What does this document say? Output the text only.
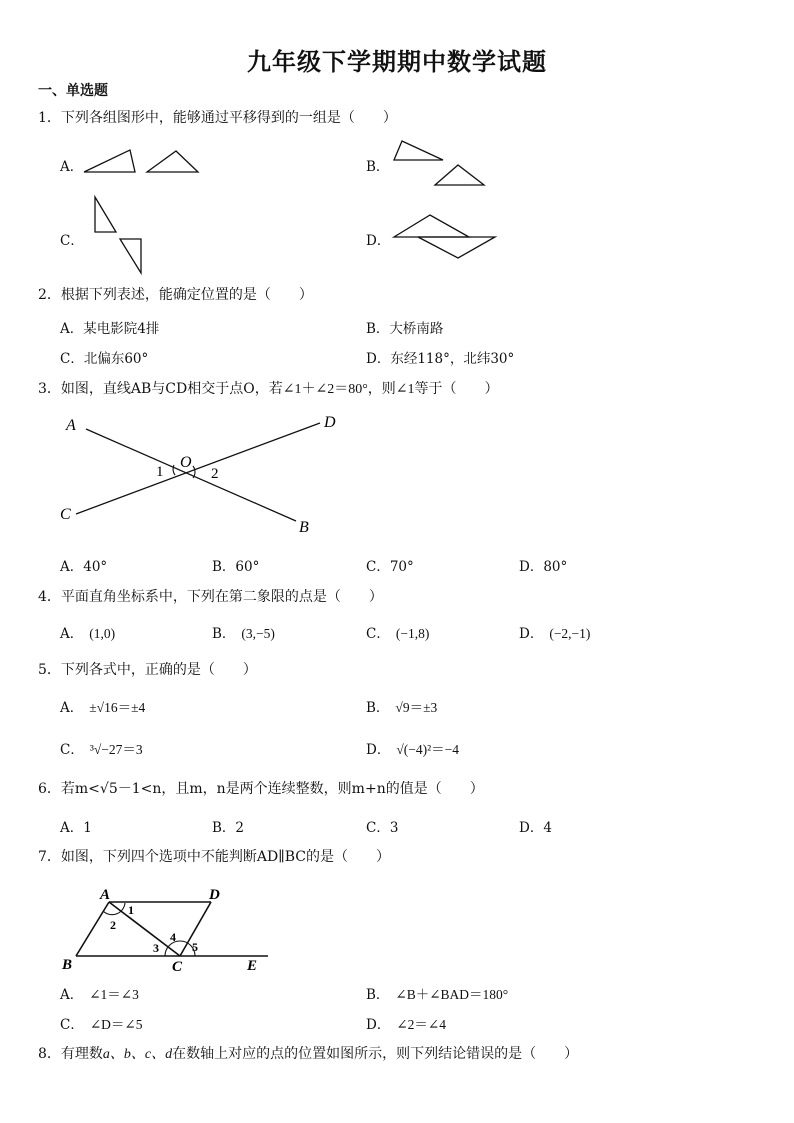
九年级下学期期中数学试题
一、单选题
1．下列各组图形中，能够通过平移得到的一组是（　　）
A．	B．
C．	D．
2．根据下列表述，能确定位置的是（　　）
A．某电影院4排	B．大桥南路
C．北偏东60°	D．东经118°，北纬30°
3．如图，直线AB与CD相交于点O，若∠1＋∠2＝80°，则∠1等于（　　）
A	D
O
1	2
C
B
A．40°	B．60°	C．70°	D．80°
4．平面直角坐标系中，下列在第二象限的点是（　　）
A． (1,0)	B． (3,−5)	C． (−1,8)	D． (−2,−1)
5．下列各式中，正确的是（　　）
A． ±√16＝±4	B． √9＝±3
C． ³√−27＝3	D． √(−4)²＝−4
6．若m<√5－1<n，且m，n是两个连续整数，则m+n的值是（　　）
A．1	B．2	C．3	D．4
7．如图，下列四个选项中不能判断AD∥BC的是（　　）
A	D
1
2
3
4
5
B	C	E
A． ∠1＝∠3	B． ∠B＋∠BAD＝180°
C． ∠D＝∠5	D． ∠2＝∠4
8．有理数a、b、c、d在数轴上对应的点的位置如图所示，则下列结论错误的是（　　）
